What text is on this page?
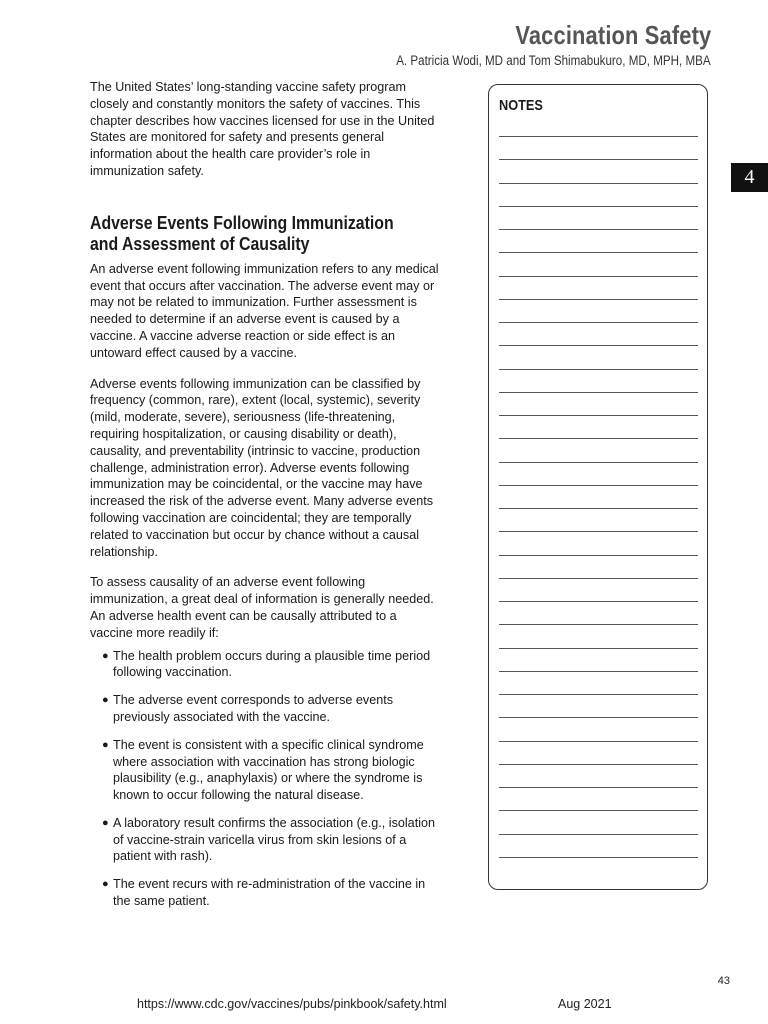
Vaccination Safety
A. Patricia Wodi, MD and Tom Shimabukuro, MD, MPH, MBA

The United States’ long-standing vaccine safety program closely and constantly monitors the safety of vaccines. This chapter describes how vaccines licensed for use in the United States are monitored for safety and presents general information about the health care provider’s role in immunization safety.

Adverse Events Following Immunization
and Assessment of Causality

An adverse event following immunization refers to any medical event that occurs after vaccination. The adverse event may or may not be related to immunization. Further assessment is needed to determine if an adverse event is caused by a vaccine. A vaccine adverse reaction or side effect is an untoward effect caused by a vaccine.

Adverse events following immunization can be classified by frequency (common, rare), extent (local, systemic), severity (mild, moderate, severe), seriousness (life-threatening, requiring hospitalization, or causing disability or death), causality, and preventability (intrinsic to vaccine, production challenge, administration error). Adverse events following immunization may be coincidental, or the vaccine may have increased the risk of the adverse event. Many adverse events following vaccination are coincidental; they are temporally related to vaccination but occur by chance without a causal relationship.

To assess causality of an adverse event following immunization, a great deal of information is generally needed. An adverse health event can be causally attributed to a vaccine more readily if:

● The health problem occurs during a plausible time period following vaccination.
● The adverse event corresponds to adverse events previously associated with the vaccine.
● The event is consistent with a specific clinical syndrome where association with vaccination has strong biologic plausibility (e.g., anaphylaxis) or where the syndrome is known to occur following the natural disease.
● A laboratory result confirms the association (e.g., isolation of vaccine-strain varicella virus from skin lesions of a patient with rash).
● The event recurs with re-administration of the vaccine in the same patient.
NOTES
4
43
https://www.cdc.gov/vaccines/pubs/pinkbook/safety.html	Aug 2021
